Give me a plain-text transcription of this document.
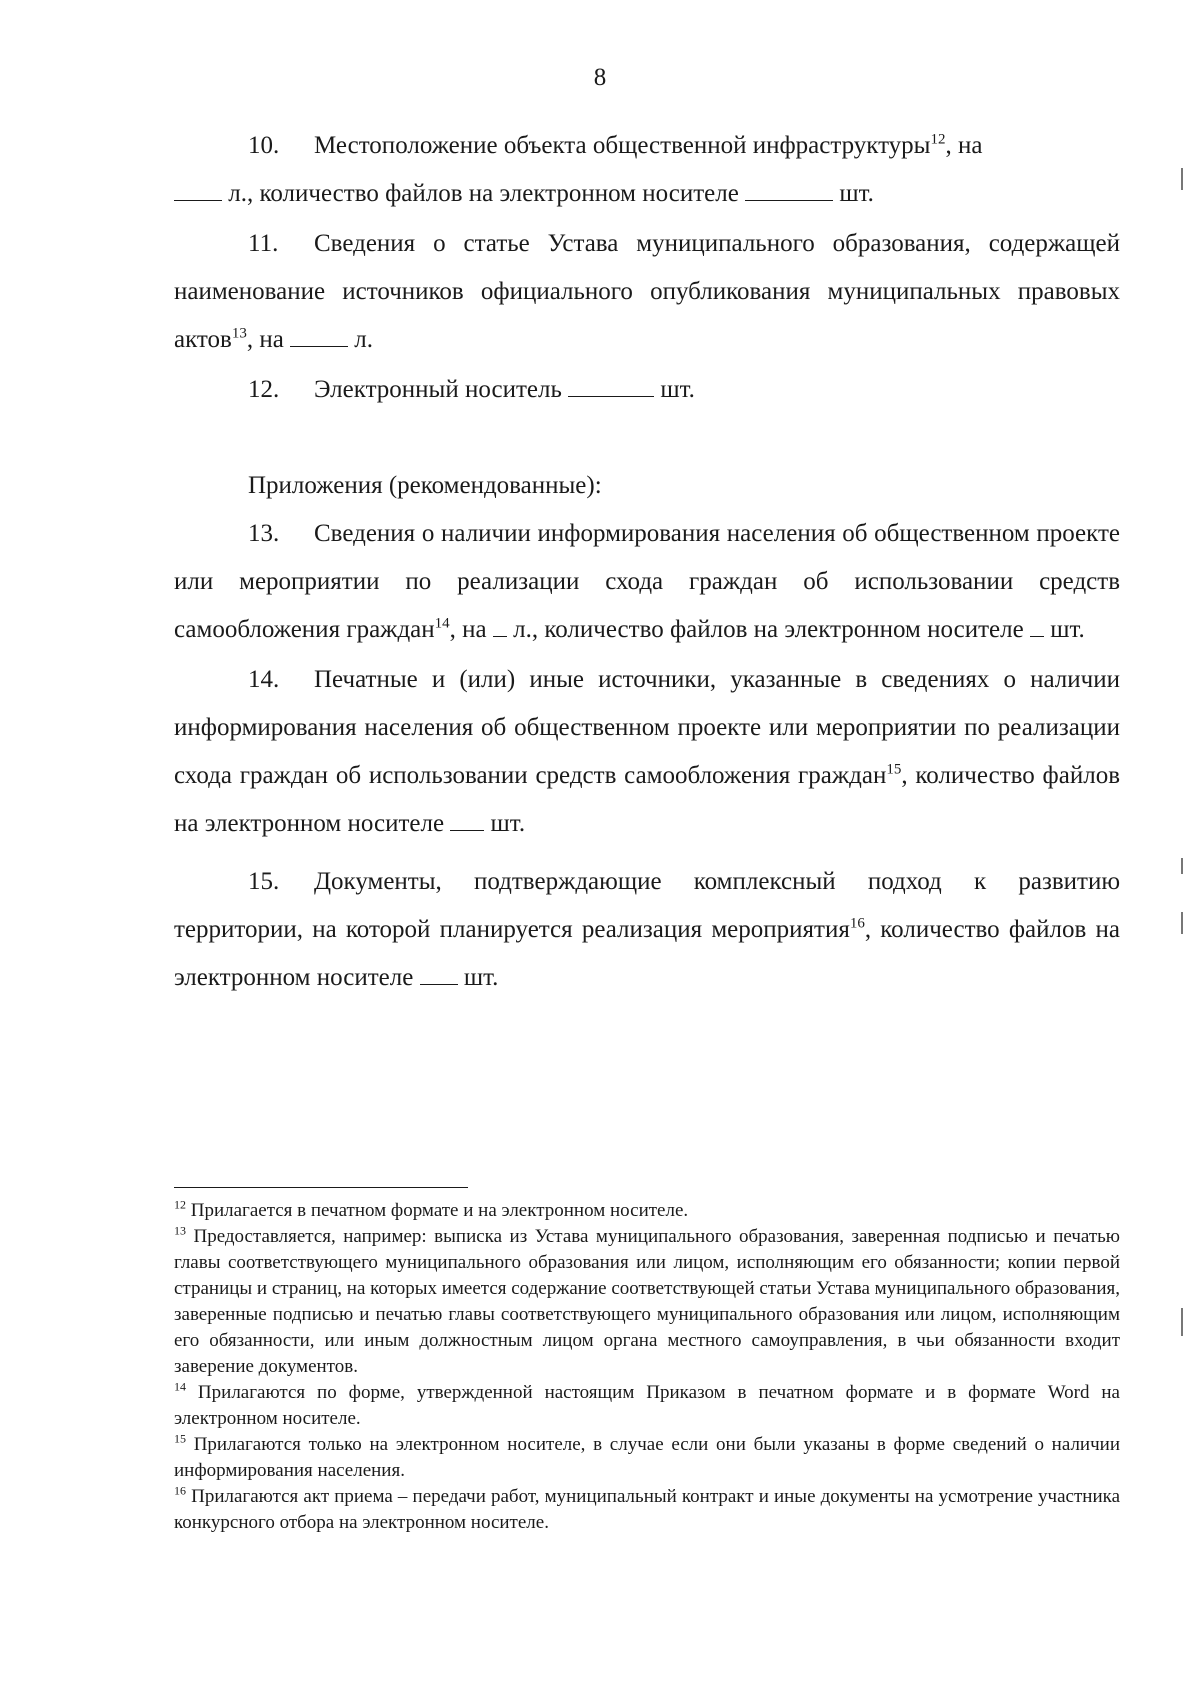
8

10. Местоположение объекта общественной инфраструктуры$^{12}$, на
л., количество файлов на электронном носителе	шт.

11. Сведения о статье Устава муниципального образования, содержащей наименование источников официального опубликования муниципальных правовых актов$^{13}$, на  л.

12. Электронный носитель	шт.

Приложения (рекомендованные):

13. Сведения о наличии информирования населения об общественном проекте или мероприятии по реализации схода граждан об использовании средств самообложения граждан$^{14}$, на  л., количество файлов на электронном носителе  шт.

14. Печатные и (или) иные источники, указанные в сведениях о наличии информирования населения об общественном проекте или мероприятии по реализации схода граждан об использовании средств самообложения граждан$^{15}$, количество файлов на электронном носителе  шт.

15. Документы, подтверждающие комплексный подход к развитию территории, на которой планируется реализация мероприятия$^{16}$, количество файлов на электронном носителе  шт.

$^{12}$ Прилагается в печатном формате и на электронном носителе.

$^{13}$ Предоставляется, например: выписка из Устава муниципального образования, заверенная подписью и печатью главы соответствующего муниципального образования или лицом, исполняющим его обязанности; копии первой страницы и страниц, на которых имеется содержание соответствующей статьи Устава муниципального образования, заверенные подписью и печатью главы соответствующего муниципального образования или лицом, исполняющим его обязанности, или иным должностным лицом органа местного самоуправления, в чьи обязанности входит заверение документов.

$^{14}$ Прилагаются по форме, утвержденной настоящим Приказом в печатном формате и в формате Word на электронном носителе.

$^{15}$ Прилагаются только на электронном носителе, в случае если они были указаны в форме сведений о наличии информирования населения.

$^{16}$ Прилагаются акт приема – передачи работ, муниципальный контракт и иные документы на усмотрение участника конкурсного отбора на электронном носителе.
